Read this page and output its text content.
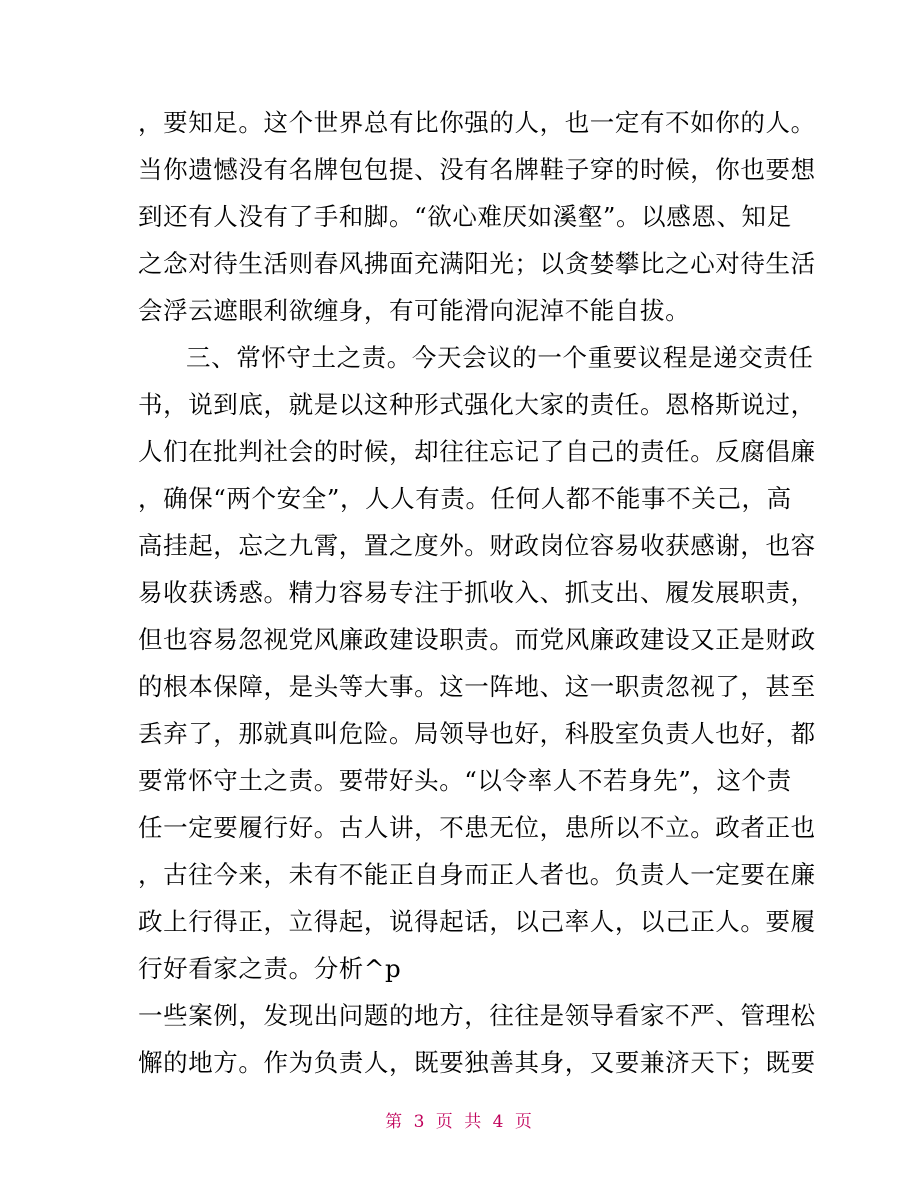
，要知足。这个世界总有比你强的人，也一定有不如你的人。
当你遗憾没有名牌包包提、没有名牌鞋子穿的时候，你也要想
到还有人没有了手和脚。“欲心难厌如溪壑”。以感恩、知足
之念对待生活则春风拂面充满阳光；以贪婪攀比之心对待生活
会浮云遮眼利欲缠身，有可能滑向泥淖不能自拔。
三、常怀守土之责。今天会议的一个重要议程是递交责任
书，说到底，就是以这种形式强化大家的责任。恩格斯说过，
人们在批判社会的时候，却往往忘记了自己的责任。反腐倡廉
，确保“两个安全”，人人有责。任何人都不能事不关己，高
高挂起，忘之九霄，置之度外。财政岗位容易收获感谢，也容
易收获诱惑。精力容易专注于抓收入、抓支出、履发展职责，
但也容易忽视党风廉政建设职责。而党风廉政建设又正是财政
的根本保障，是头等大事。这一阵地、这一职责忽视了，甚至
丢弃了，那就真叫危险。局领导也好，科股室负责人也好，都
要常怀守土之责。要带好头。“以令率人不若身先”，这个责
任一定要履行好。古人讲，不患无位，患所以不立。政者正也
，古往今来，未有不能正自身而正人者也。负责人一定要在廉
政上行得正，立得起，说得起话，以己率人，以己正人。要履
行好看家之责。分析^p
一些案例，发现出问题的地方，往往是领导看家不严、管理松
懈的地方。作为负责人，既要独善其身，又要兼济天下；既要
第 3 页 共 4 页
